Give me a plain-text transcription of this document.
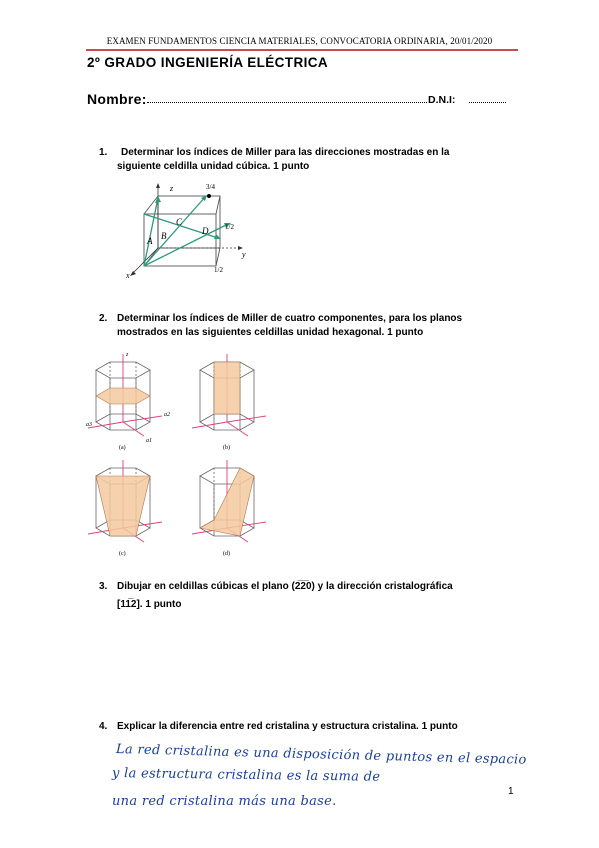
EXAMEN FUNDAMENTOS CIENCIA MATERIALES, CONVOCATORIA ORDINARIA, 20/01/2020
2º GRADO INGENIERÍA ELÉCTRICA
Nombre:	D.N.I:
1. Determinar los índices de Miller para las direcciones mostradas en la
siguiente celdilla unidad cúbica. 1 punto
z
y
x
A B
C
D
3/4
1/2
1/2
2. Determinar los índices de Miller de cuatro componentes, para los planos
mostrados en las siguientes celdillas unidad hexagonal. 1 punto
(a)	(b)
(c)	(d)
z
a2
a1
a3
3. Dibujar en celdillas cúbicas el plano (2̅2̅0) y la dirección cristalográfica
[11̅2]. 1 punto
4. Explicar la diferencia entre red cristalina y estructura cristalina. 1 punto
La red cristalina es una disposición de puntos en el espacio
y la estructura cristalina es la suma de
una red cristalina más una base.
1
